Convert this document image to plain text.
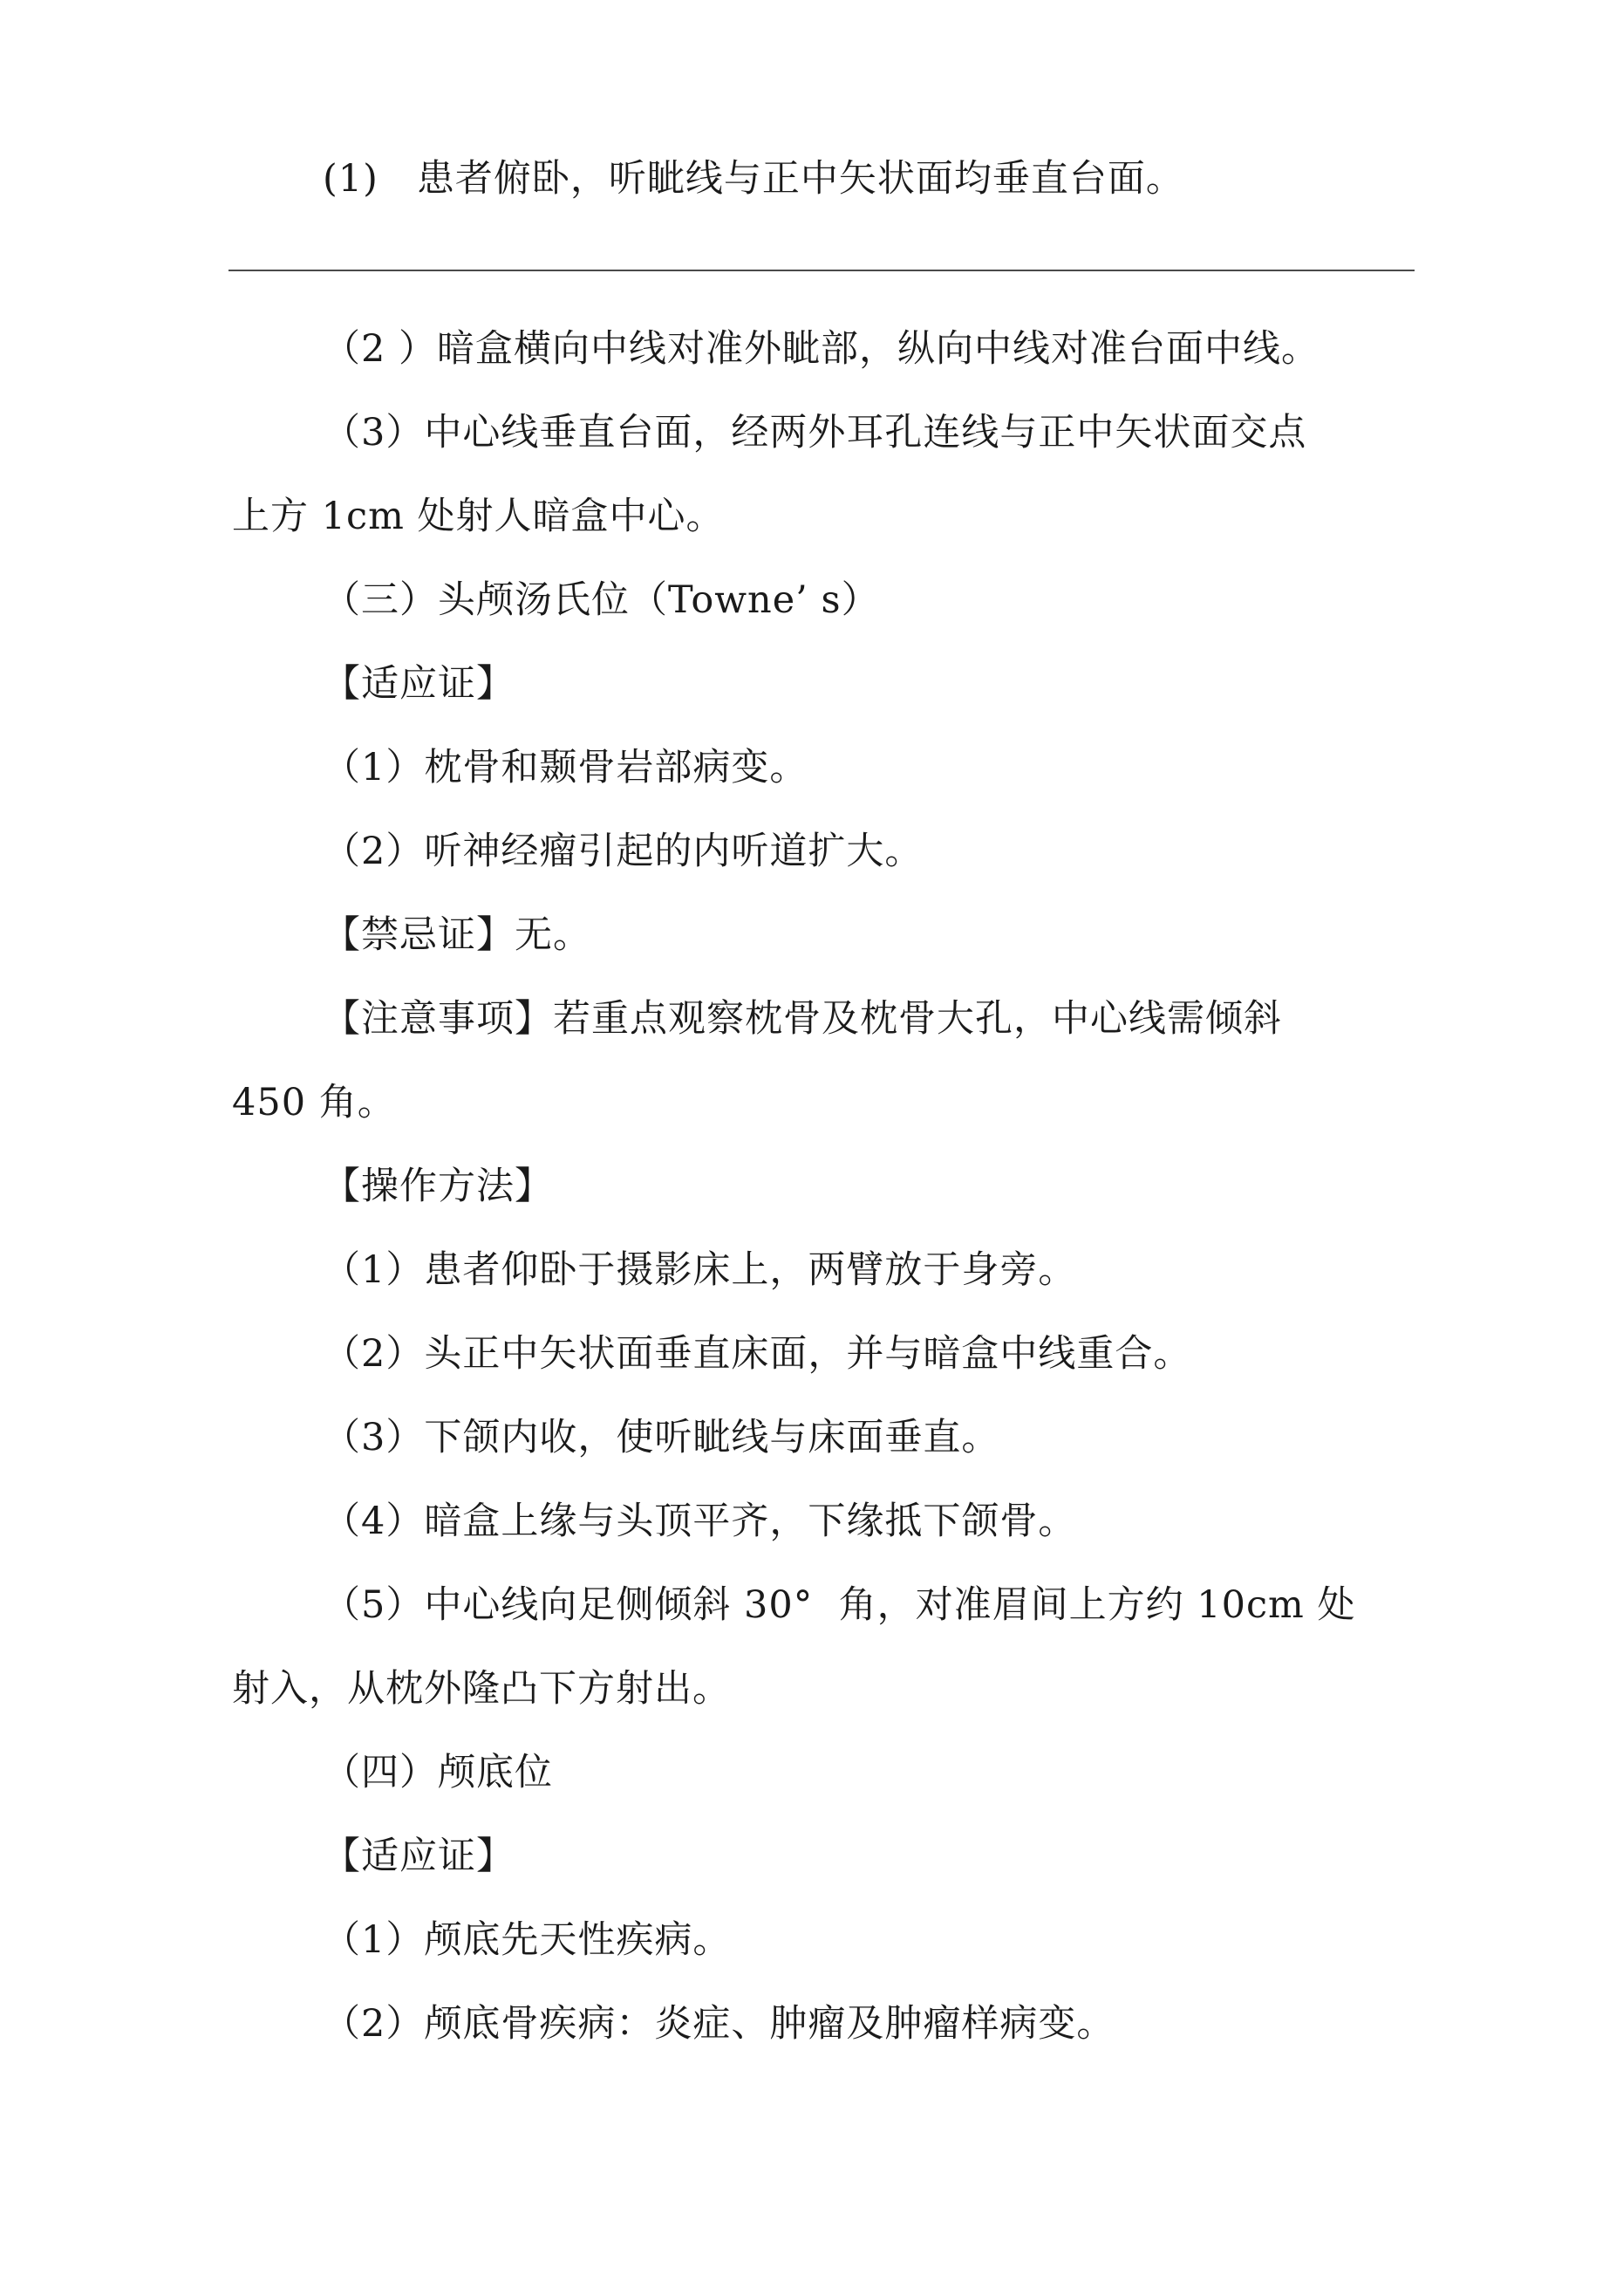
(1)　患者俯卧，听眦线与正中矢状面均垂直台面。
（2 ）暗盒横向中线对准外眦部，纵向中线对准台面中线。
（3）中心线垂直台面，经两外耳孔连线与正中矢状面交点
上方 1cm 处射人暗盒中心。
（三）头颅汤氏位（Towne’ s）
【适应证】
（1）枕骨和颞骨岩部病变。
（2）听神经瘤引起的内听道扩大。
【禁忌证】无。
【注意事项】若重点观察枕骨及枕骨大孔，中心线需倾斜
450 角。
【操作方法】
（1）患者仰卧于摄影床上，两臂放于身旁。
（2）头正中矢状面垂直床面，并与暗盒中线重合。
（3）下颌内收，使听眦线与床面垂直。
（4）暗盒上缘与头顶平齐，下缘抵下颌骨。
（5）中心线向足侧倾斜 30°  角，对准眉间上方约 10cm 处
射入，从枕外隆凸下方射出。
（四）颅底位
【适应证】
（1）颅底先天性疾病。
（2）颅底骨疾病：炎症、肿瘤及肿瘤样病变。
